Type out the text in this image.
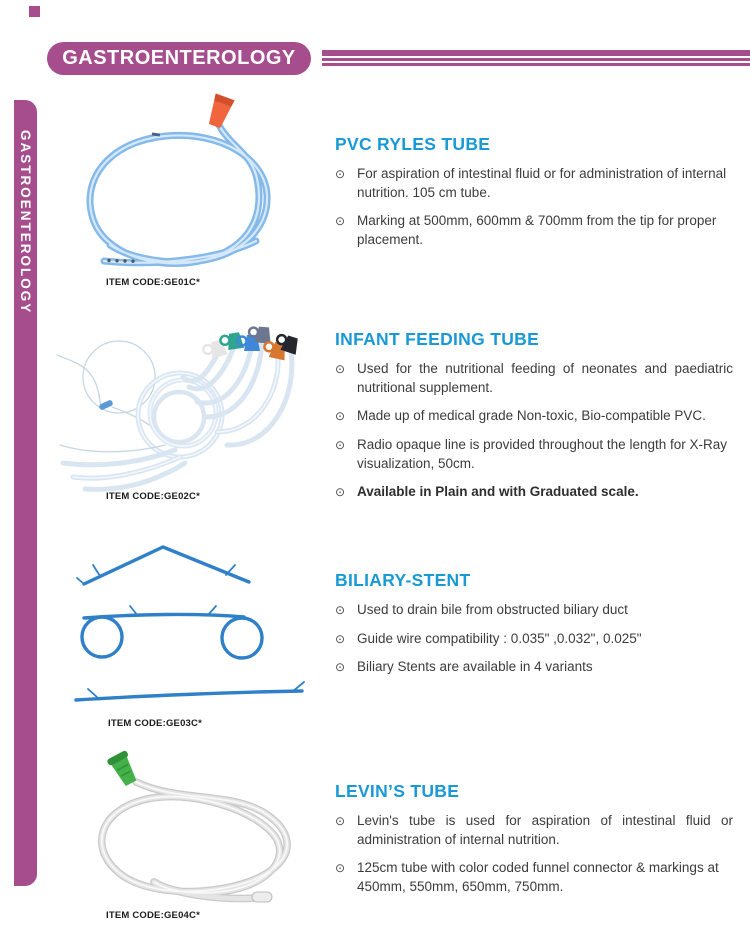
GASTROENTEROLOGY
GASTROENTEROLOGY	ITEM CODE:GE01C*
PVC RYLES TUBE
⊙ For aspiration of intestinal fluid or for administration of internal nutrition. 105 cm tube.
⊙ Marking at 500mm, 600mm & 700mm from the tip for proper placement.
ITEM CODE:GE02C*
INFANT FEEDING TUBE
⊙ Used for the nutritional feeding of neonates and paediatric nutritional supplement.
⊙ Made up of medical grade Non-toxic, Bio-compatible PVC.
⊙ Radio opaque line is provided throughout the length for X-Ray visualization, 50cm.
⊙ Available in Plain and with Graduated scale.
ITEM CODE:GE03C*
BILIARY-STENT
⊙ Used to drain bile from obstructed biliary duct
⊙ Guide wire compatibility : 0.035" ,0.032", 0.025"
⊙ Biliary Stents are available in 4 variants
ITEM CODE:GE04C*
LEVIN’S TUBE
⊙ Levin's tube is used for aspiration of intestinal fluid or administration of internal nutrition.
⊙ 125cm tube with color coded funnel connector & markings at 450mm, 550mm, 650mm, 750mm.
